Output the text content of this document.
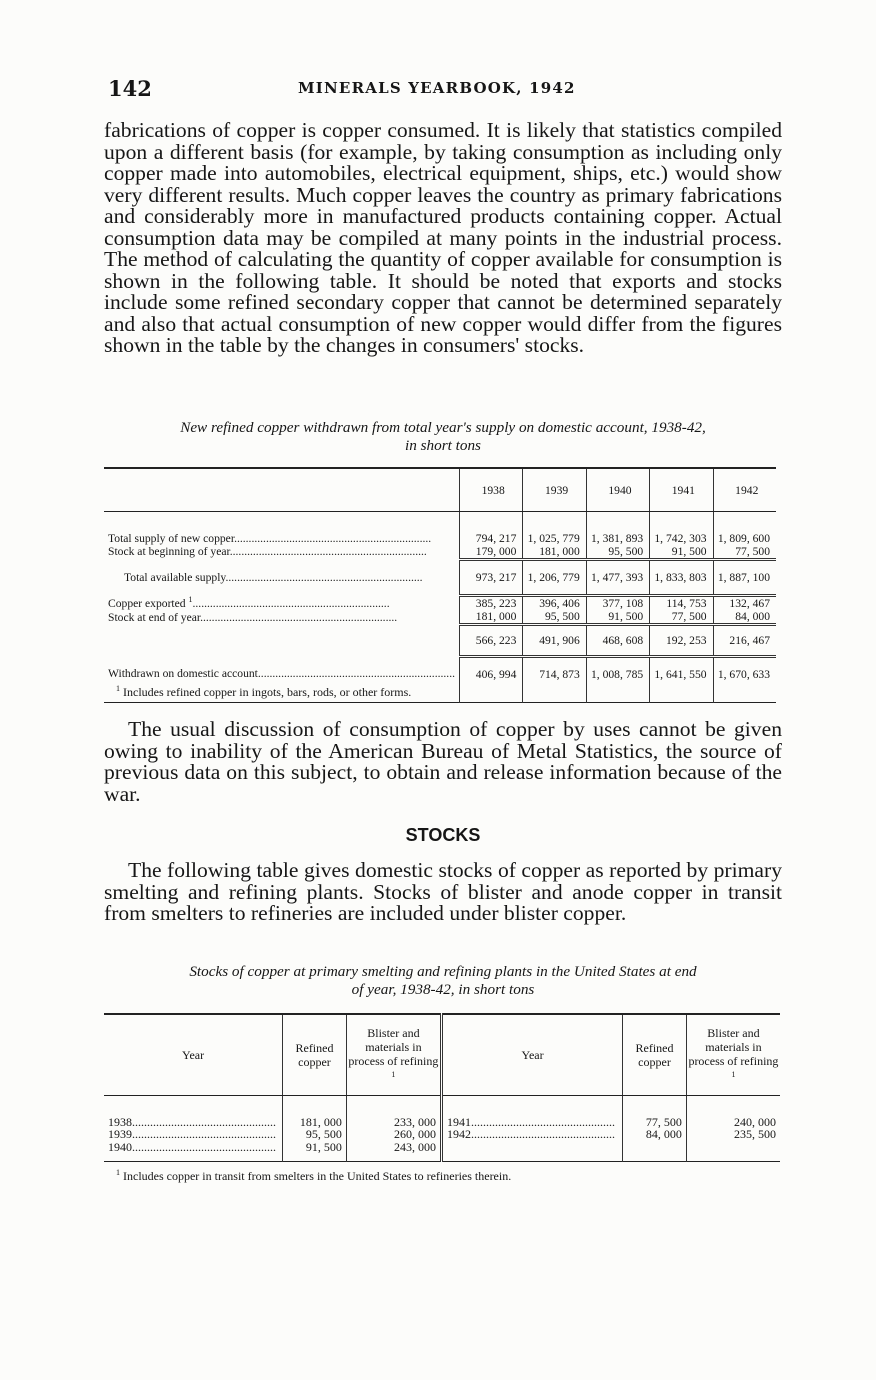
142	MINERALS YEARBOOK, 1942

fabrications of copper is copper consumed. It is likely that statistics compiled upon a different basis (for example, by taking consumption as including only copper made into automobiles, electrical equipment, ships, etc.) would show very different results. Much copper leaves the country as primary fabrications and considerably more in manufactured products containing copper. Actual consumption data may be compiled at many points in the industrial process. The method of calculating the quantity of copper available for consumption is shown in the following table. It should be noted that exports and stocks include some refined secondary copper that cannot be determined separately and also that actual consumption of new copper would differ from the figures shown in the table by the changes in consumers' stocks.

New refined copper withdrawn from total year's supply on domestic account, 1938-42,
in short tons
	1938	1939	1940	1941	1942

Total supply of new copper .....	794, 217	1, 025, 779	1, 381, 893	1, 742, 303	1, 809, 600
Stock at beginning of year .....	179, 000	181, 000	95, 500	91, 500	77, 500
Total available supply .....	973, 217	1, 206, 779	1, 477, 393	1, 833, 803	1, 887, 100
Copper exported $^1$ .....	385, 223	396, 406	377, 108	114, 753	132, 467
Stock at end of year .....	181, 000	95, 500	91, 500	77, 500	84, 000
	566, 223	491, 906	468, 608	192, 253	216, 467
Withdrawn on domestic account .....	406, 994	714, 873	1, 008, 785	1, 641, 550	1, 670, 633

$^1$ Includes refined copper in ingots, bars, rods, or other forms.

The usual discussion of consumption of copper by uses cannot be given owing to inability of the American Bureau of Metal Statistics, the source of previous data on this subject, to obtain and release information because of the war.

STOCKS

The following table gives domestic stocks of copper as reported by primary smelting and refining plants. Stocks of blister and anode copper in transit from smelters to refineries are included under blister copper.

Stocks of copper at primary smelting and refining plants in the United States at end
of year, 1938-42, in short tons
Year	Refined copper	Blister and materials in process of refining $^1$	Year	Refined copper	Blister and materials in process of refining $^1$

1938 .....	181, 000	233, 000	1941 .....	77, 500	240, 000
1939 .....	95, 500	260, 000	1942 .....	84, 000	235, 500
1940 .....	91, 500	243, 000			
$^1$ Includes copper in transit from smelters in the United States to refineries therein.
